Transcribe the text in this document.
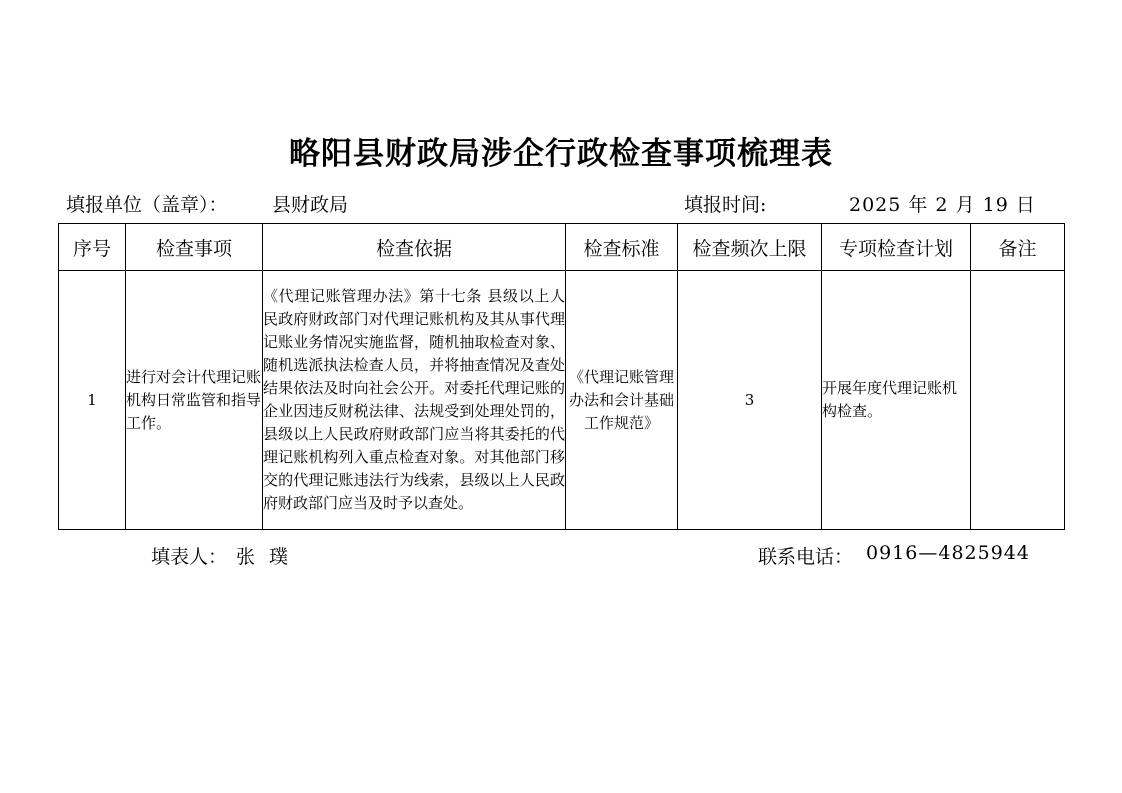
略阳县财政局涉企行政检查事项梳理表
填报单位（盖章）： 县财政局	填报时间:	2025 年 2 月 19 日
序号	检查事项	检查依据	检查标准	检查频次上限	专项检查计划	备注
1	进行对会计代理记账机构日常监管和指导工作。	《代理记账管理办法》第十七条 县级以上人民政府财政部门对代理记账机构及其从事代理记账业务情况实施监督，随机抽取检查对象、随机选派执法检查人员，并将抽查情况及查处结果依法及时向社会公开。对委托代理记账的企业因违反财税法律、法规受到处理处罚的，县级以上人民政府财政部门应当将其委托的代理记账机构列入重点检查对象。对其他部门移交的代理记账违法行为线索，县级以上人民政府财政部门应当及时予以查处。	《代理记账管理办法和会计基础工作规范》	3	开展年度代理记账机构检查。	
填表人： 张 璞	联系电话： 0916—4825944
